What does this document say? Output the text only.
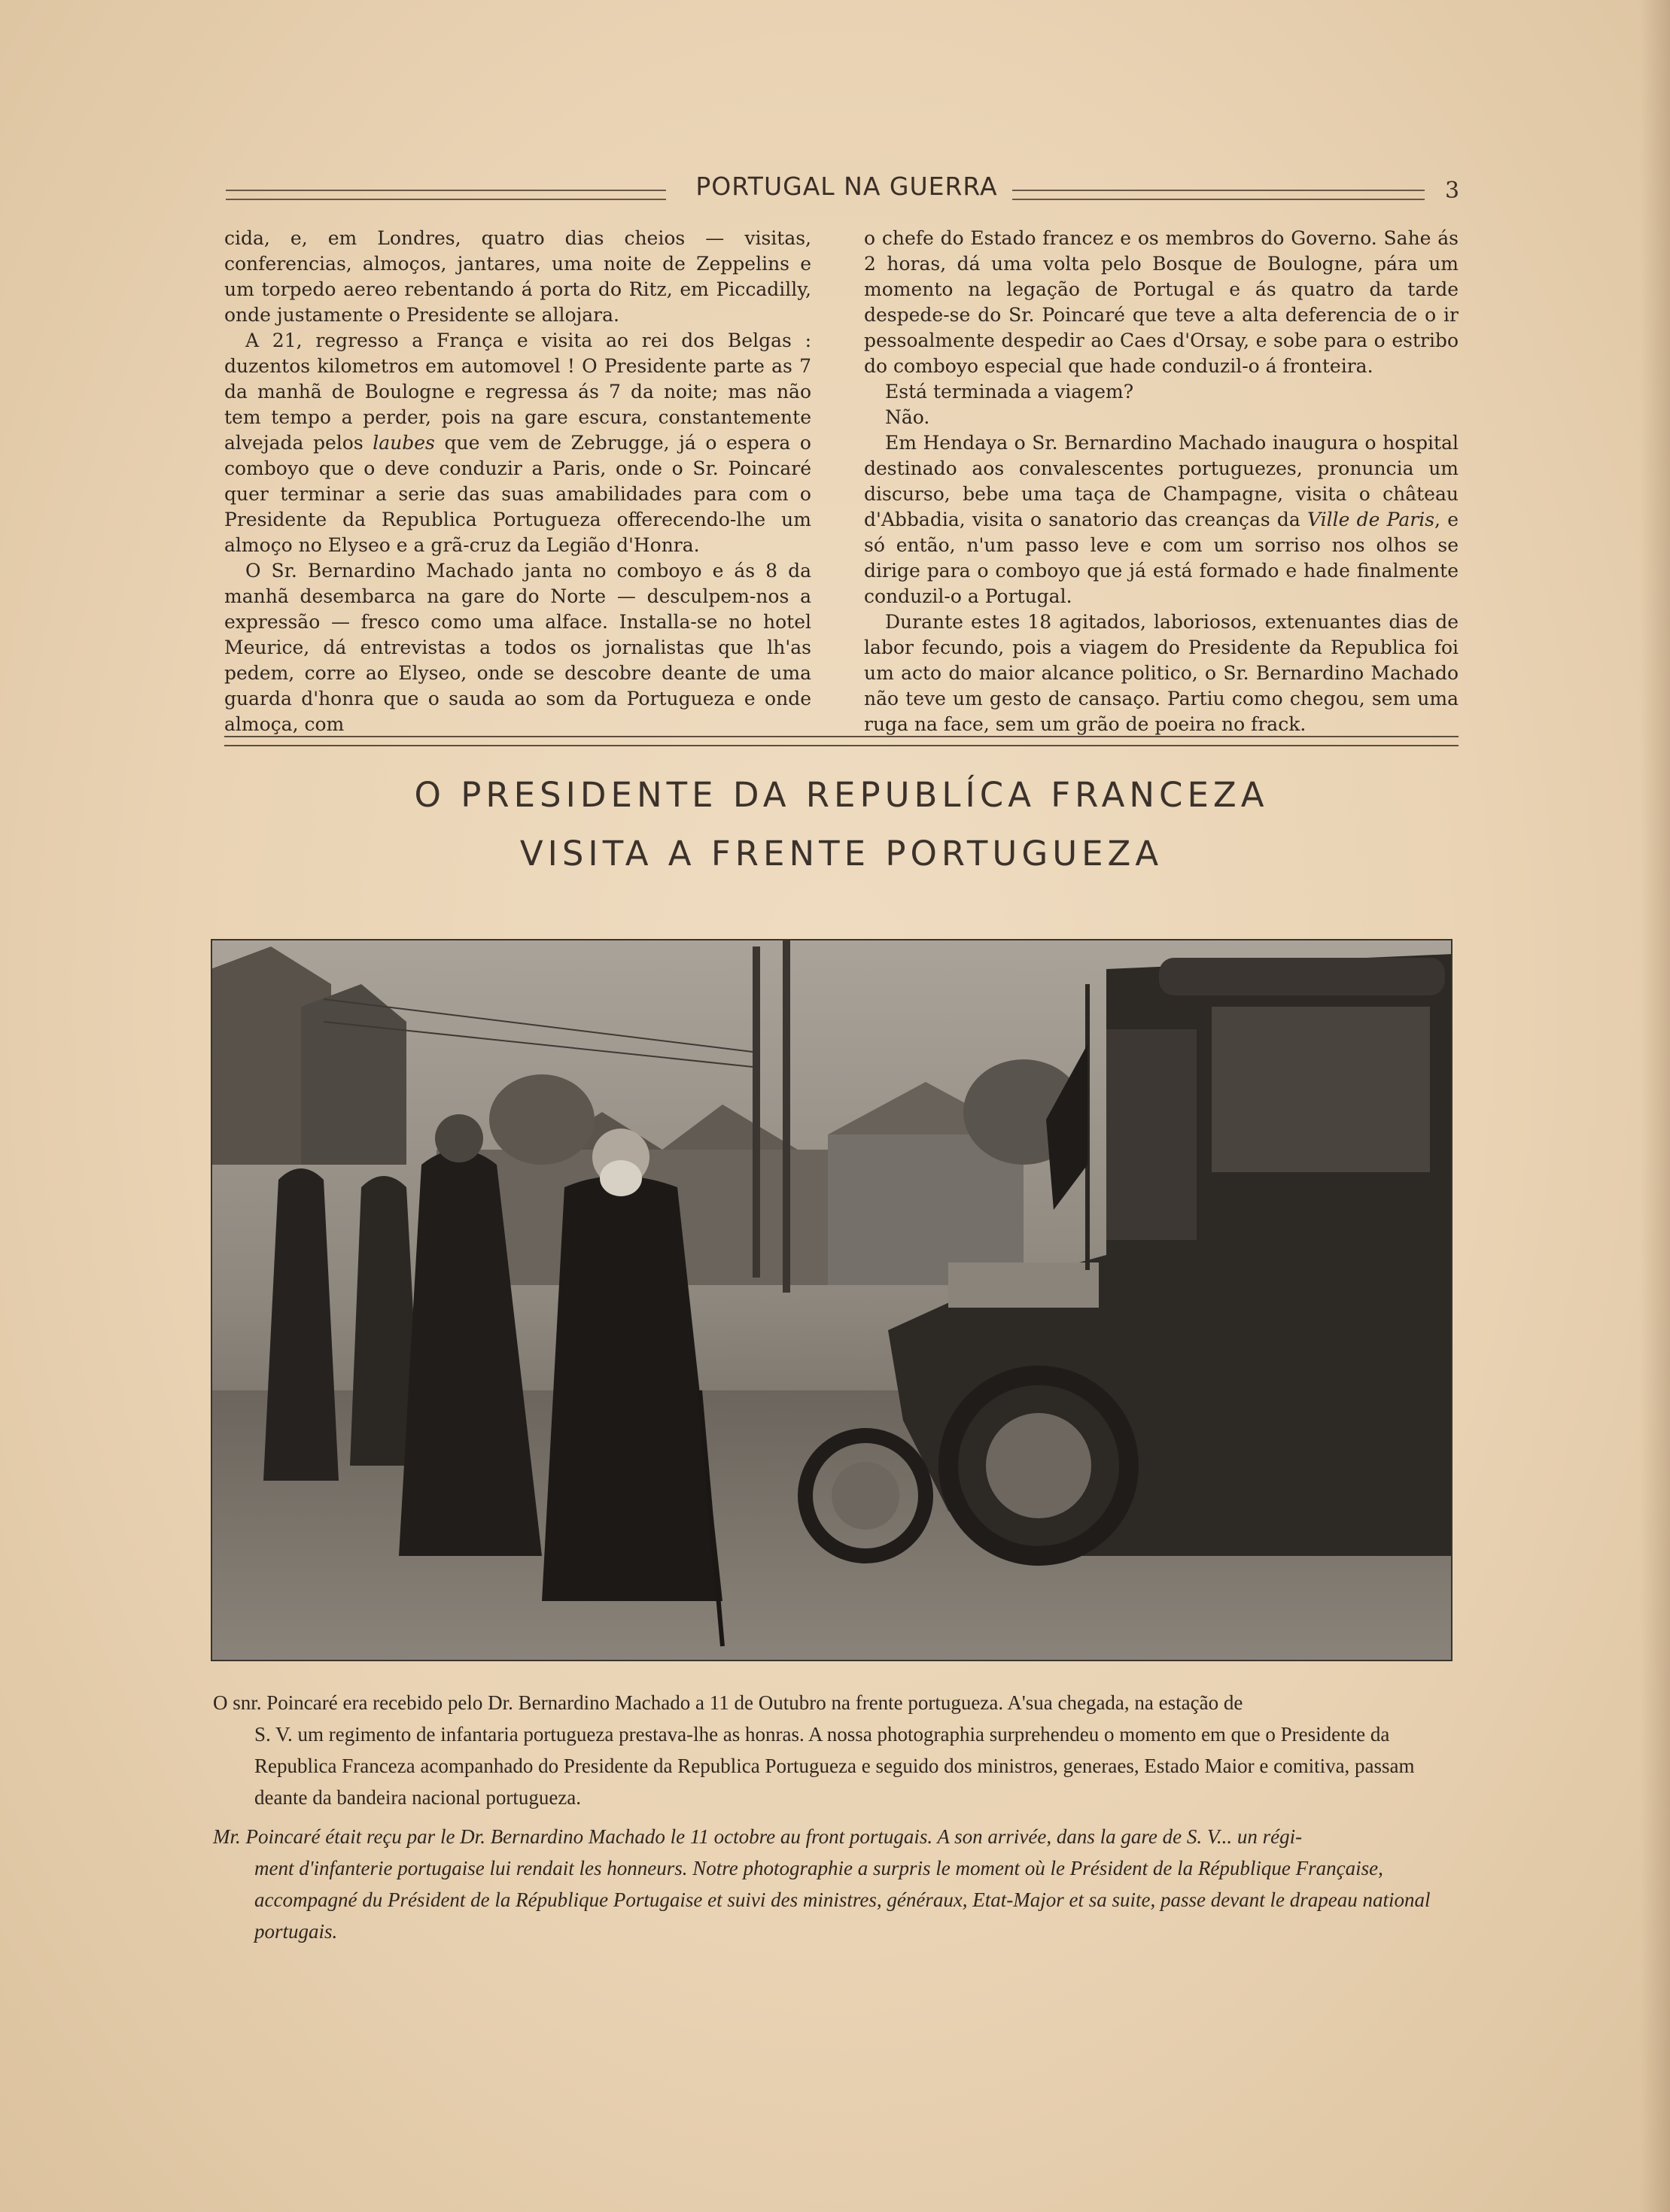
PORTUGAL NA GUERRA	3

cida, e, em Londres, quatro dias cheios — visitas, conferencias, almoços, jantares, uma noite de Zeppelins e um torpedo aereo rebentando á porta do Ritz, em Piccadilly, onde justamente o Presidente se allojara.

A 21, regresso a França e visita ao rei dos Belgas : duzentos kilometros em automovel ! O Presidente parte as 7 da manhã de Boulogne e regressa ás 7 da noite; mas não tem tempo a perder, pois na gare escura, constantemente alvejada pelos laubes que vem de Zebrugge, já o espera o comboyo que o deve conduzir a Paris, onde o Sr. Poincaré quer terminar a serie das suas amabilidades para com o Presidente da Republica Portugueza offerecendo-lhe um almoço no Elyseo e a grã-cruz da Legião d'Honra.

O Sr. Bernardino Machado janta no comboyo e ás 8 da manhã desembarca na gare do Norte — desculpem-nos a expressão — fresco como uma alface. Installa-se no hotel Meurice, dá entrevistas a todos os jornalistas que lh'as pedem, corre ao Elyseo, onde se descobre deante de uma guarda d'honra que o sauda ao som da Portugueza e onde almoça, com

o chefe do Estado francez e os membros do Governo. Sahe ás 2 horas, dá uma volta pelo Bosque de Boulogne, pára um momento na legação de Portugal e ás quatro da tarde despede-se do Sr. Poincaré que teve a alta deferencia de o ir pessoalmente despedir ao Caes d'Orsay, e sobe para o estribo do comboyo especial que hade conduzil-o á fronteira.

Está terminada a viagem?

Não.

Em Hendaya o Sr. Bernardino Machado inaugura o hospital destinado aos convalescentes portuguezes, pronuncia um discurso, bebe uma taça de Champagne, visita o château d'Abbadia, visita o sanatorio das creanças da Ville de Paris, e só então, n'um passo leve e com um sorriso nos olhos se dirige para o comboyo que já está formado e hade finalmente conduzil-o a Portugal.

Durante estes 18 agitados, laboriosos, extenuantes dias de labor fecundo, pois a viagem do Presidente da Republica foi um acto do maior alcance politico, o Sr. Bernardino Machado não teve um gesto de cansaço. Partiu como chegou, sem uma ruga na face, sem um grão de poeira no frack.

O PRESIDENTE DA REPUBLÍCA FRANCEZA
VISITA A FRENTE PORTUGUEZA
O snr. Poincaré era recebido pelo Dr. Bernardino Machado a 11 de Outubro na frente portugueza. A'sua chegada, na estação de
S. V. um regimento de infantaria portugueza prestava-lhe as honras. A nossa photographia surprehendeu o momento em que o Presidente da Republica Franceza acompanhado do Presidente da Republica Portugueza e seguido dos ministros, generaes, Estado Maior e comitiva, passam deante da bandeira nacional portugueza.
Mr. Poincaré était reçu par le Dr. Bernardino Machado le 11 octobre au front portugais. A son arrivée, dans la gare de S. V... un régi-
ment d'infanterie portugaise lui rendait les honneurs. Notre photographie a surpris le moment où le Président de la République Française, accompagné du Président de la République Portugaise et suivi des ministres, généraux, Etat-Major et sa suite, passe devant le drapeau national portugais.
